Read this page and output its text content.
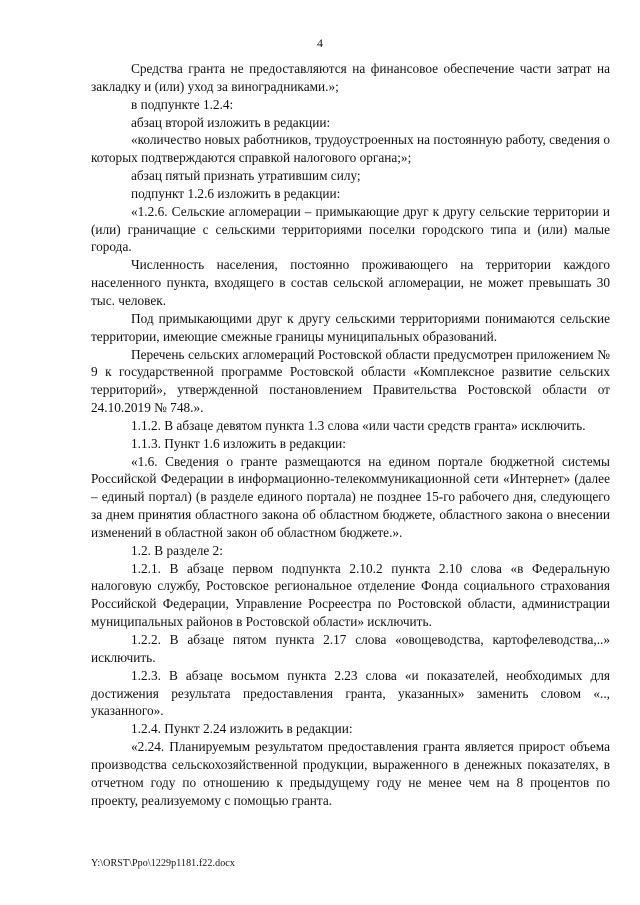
4

Средства гранта не предоставляются на финансовое обеспечение части затрат на закладку и (или) уход за виноградниками.»;

в подпункте 1.2.4:

абзац второй изложить в редакции:

«количество новых работников, трудоустроенных на постоянную работу, сведения о которых подтверждаются справкой налогового органа;»;

абзац пятый признать утратившим силу;

подпункт 1.2.6 изложить в редакции:

«1.2.6. Сельские агломерации – примыкающие друг к другу сельские территории и (или) граничащие с сельскими территориями поселки городского типа и (или) малые города.

Численность населения, постоянно проживающего на территории каждого населенного пункта, входящего в состав сельской агломерации, не может превышать 30 тыс. человек.

Под примыкающими друг к другу сельскими территориями понимаются сельские территории, имеющие смежные границы муниципальных образований.

Перечень сельских агломераций Ростовской области предусмотрен приложением № 9 к государственной программе Ростовской области «Комплексное развитие сельских территорий», утвержденной постановлением Правительства Ростовской области от 24.10.2019 № 748.».

1.1.2. В абзаце девятом пункта 1.3 слова «или части средств гранта» исключить.

1.1.3. Пункт 1.6 изложить в редакции:

«1.6. Сведения о гранте размещаются на едином портале бюджетной системы Российской Федерации в информационно-телекоммуникационной сети «Интернет» (далее – единый портал) (в разделе единого портала) не позднее 15-го рабочего дня, следующего за днем принятия областного закона об областном бюджете, областного закона о внесении изменений в областной закон об областном бюджете.».

1.2. В разделе 2:

1.2.1. В абзаце первом подпункта 2.10.2 пункта 2.10 слова «в Федеральную налоговую службу, Ростовское региональное отделение Фонда социального страхования Российской Федерации, Управление Росреестра по Ростовской области, администрации муниципальных районов в Ростовской области» исключить.

1.2.2. В абзаце пятом пункта 2.17 слова «овощеводства, картофелеводства,..» исключить.

1.2.3. В абзаце восьмом пункта 2.23 слова «и показателей, необходимых для достижения результата предоставления гранта, указанных» заменить словом «.., указанного».

1.2.4. Пункт 2.24 изложить в редакции:

«2.24. Планируемым результатом предоставления гранта является прирост объема производства сельскохозяйственной продукции, выраженного в денежных показателях, в отчетном году по отношению к предыдущему году не менее чем на 8 процентов по проекту, реализуемому с помощью гранта.

Y:\ORST\Ppo\1229p1181.f22.docx
